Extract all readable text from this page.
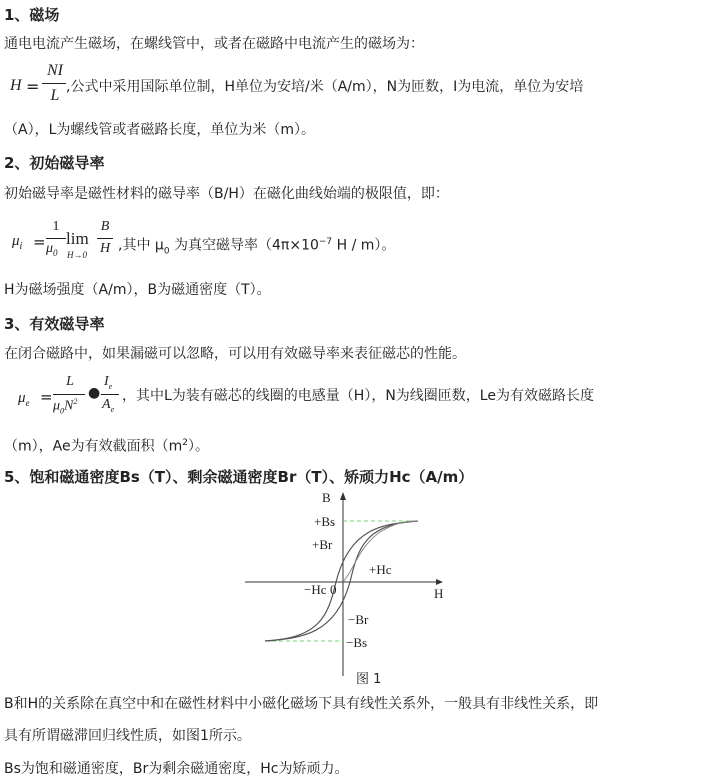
1、磁场
通电电流产生磁场，在螺线管中，或者在磁路中电流产生的磁场为：
H =
NI
L ,公式中采用国际单位制，H单位为安培/米（A/m），N为匝数，I为电流，单位为安培
（A），L为螺线管或者磁路长度，单位为米（m）。
2、初始磁导率
初始磁导率是磁性材料的磁导率（B/H）在磁化曲线始端的极限值，即：
$\mu_i$ =
1
$\mu_0$
lim
H→0
B
H ,其中 $\mu_0$ 为真空磁导率（$4\pi\times 10^{-7}$ H / m）。
H为磁场强度（A/m），B为磁通密度（T）。
3、有效磁导率
在闭合磁路中，如果漏磁可以忽略，可以用有效磁导率来表征磁芯的性能。
$\mu_e$ =
L
$\mu_0N^2$
●
$I_e$
$A_e$
，其中L为装有磁芯的线圈的电感量（H），N为线圈匝数，Le为有效磁路长度
（m），Ae为有效截面积$(m^2)$。
5、饱和磁通密度Bs（T）、剩余磁通密度Br（T）、矫顽力Hc（A/m）
B
H
+Bs
+Br
+Hc
−Hc 0
−Br
−Bs
图 1
B和H的关系除在真空中和在磁性材料中小磁化磁场下具有线性关系外，一般具有非线性关系，即
具有所谓磁滞回归线性质，如图1所示。
Bs为饱和磁通密度，Br为剩余磁通密度，Hc为矫顽力。
